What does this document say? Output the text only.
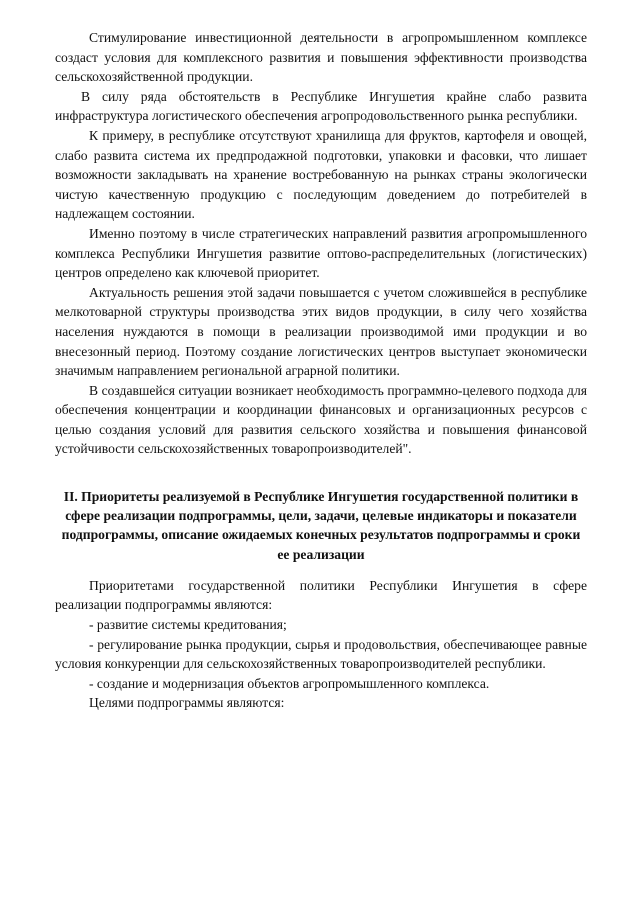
Стимулирование инвестиционной деятельности в агропромышленном комплексе создаст условия для комплексного развития и повышения эффективности производства сельскохозяйственной продукции.

В силу ряда обстоятельств в Республике Ингушетия крайне слабо развита инфраструктура логистического обеспечения агропродовольственного рынка республики.

К примеру, в республике отсутствуют хранилища для фруктов, картофеля и овощей, слабо развита система их предпродажной подготовки, упаковки и фасовки, что лишает возможности закладывать на хранение востребованную на рынках страны экологически чистую качественную продукцию с последующим доведением до потребителей в надлежащем состоянии.

Именно поэтому в числе стратегических направлений развития агропромышленного комплекса Республики Ингушетия развитие оптово-распределительных (логистических) центров определено как ключевой приоритет.

Актуальность решения этой задачи повышается с учетом сложившейся в республике мелкотоварной структуры производства этих видов продукции, в силу чего хозяйства населения нуждаются в помощи в реализации производимой ими продукции и во внесезонный период. Поэтому создание логистических центров выступает экономически значимым направлением региональной аграрной политики.

В создавшейся ситуации возникает необходимость программно-целевого подхода для обеспечения концентрации и координации финансовых и организационных ресурсов с целью создания условий для развития сельского хозяйства и повышения финансовой устойчивости сельскохозяйственных товаропроизводителей".

II. Приоритеты реализуемой в Республике Ингушетия государственной политики в сфере реализации подпрограммы, цели, задачи, целевые индикаторы и показатели подпрограммы, описание ожидаемых конечных результатов подпрограммы и сроки ее реализации

Приоритетами государственной политики Республики Ингушетия в сфере реализации подпрограммы являются:

- развитие системы кредитования;

- регулирование рынка продукции, сырья и продовольствия, обеспечивающее равные условия конкуренции для сельскохозяйственных товаропроизводителей республики.

- создание и модернизация объектов агропромышленного комплекса.

Целями подпрограммы являются:
